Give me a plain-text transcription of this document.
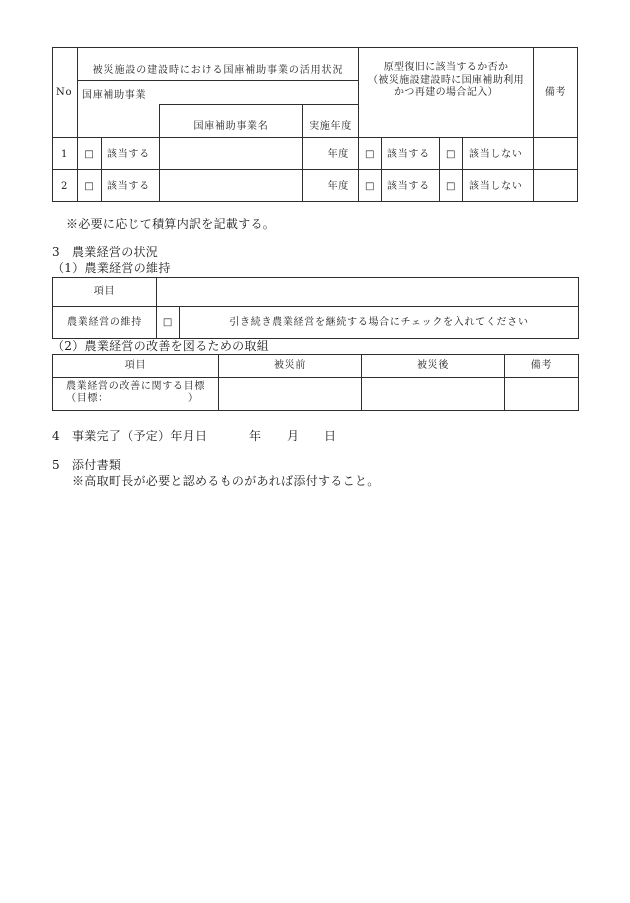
No	被災施設の建設時における国庫補助事業の活用状況				原型復旧に該当するか否か
（被災施設建設時に国庫補助利用
かつ再建の場合記入）				備考
	国庫補助事業								
			国庫補助事業名	実施年度					
1	□	該当する		年度	□	該当する	□	該当しない	
2	□	該当する		年度	□	該当する	□	該当しない	
※必要に応じて積算内訳を記載する。
3 農業経営の状況
（1）農業経営の維持
項目		
農業経営の維持	□	引き続き農業経営を継続する場合にチェックを入れてください
（2）農業経営の改善を図るための取組
項目	被災前	被災後	備考

農業経営の改善に関する目標
（目標： ）			

4 事業完了（予定）年月日	年 月 日
5 添付書類
※高取町長が必要と認めるものがあれば添付すること。
